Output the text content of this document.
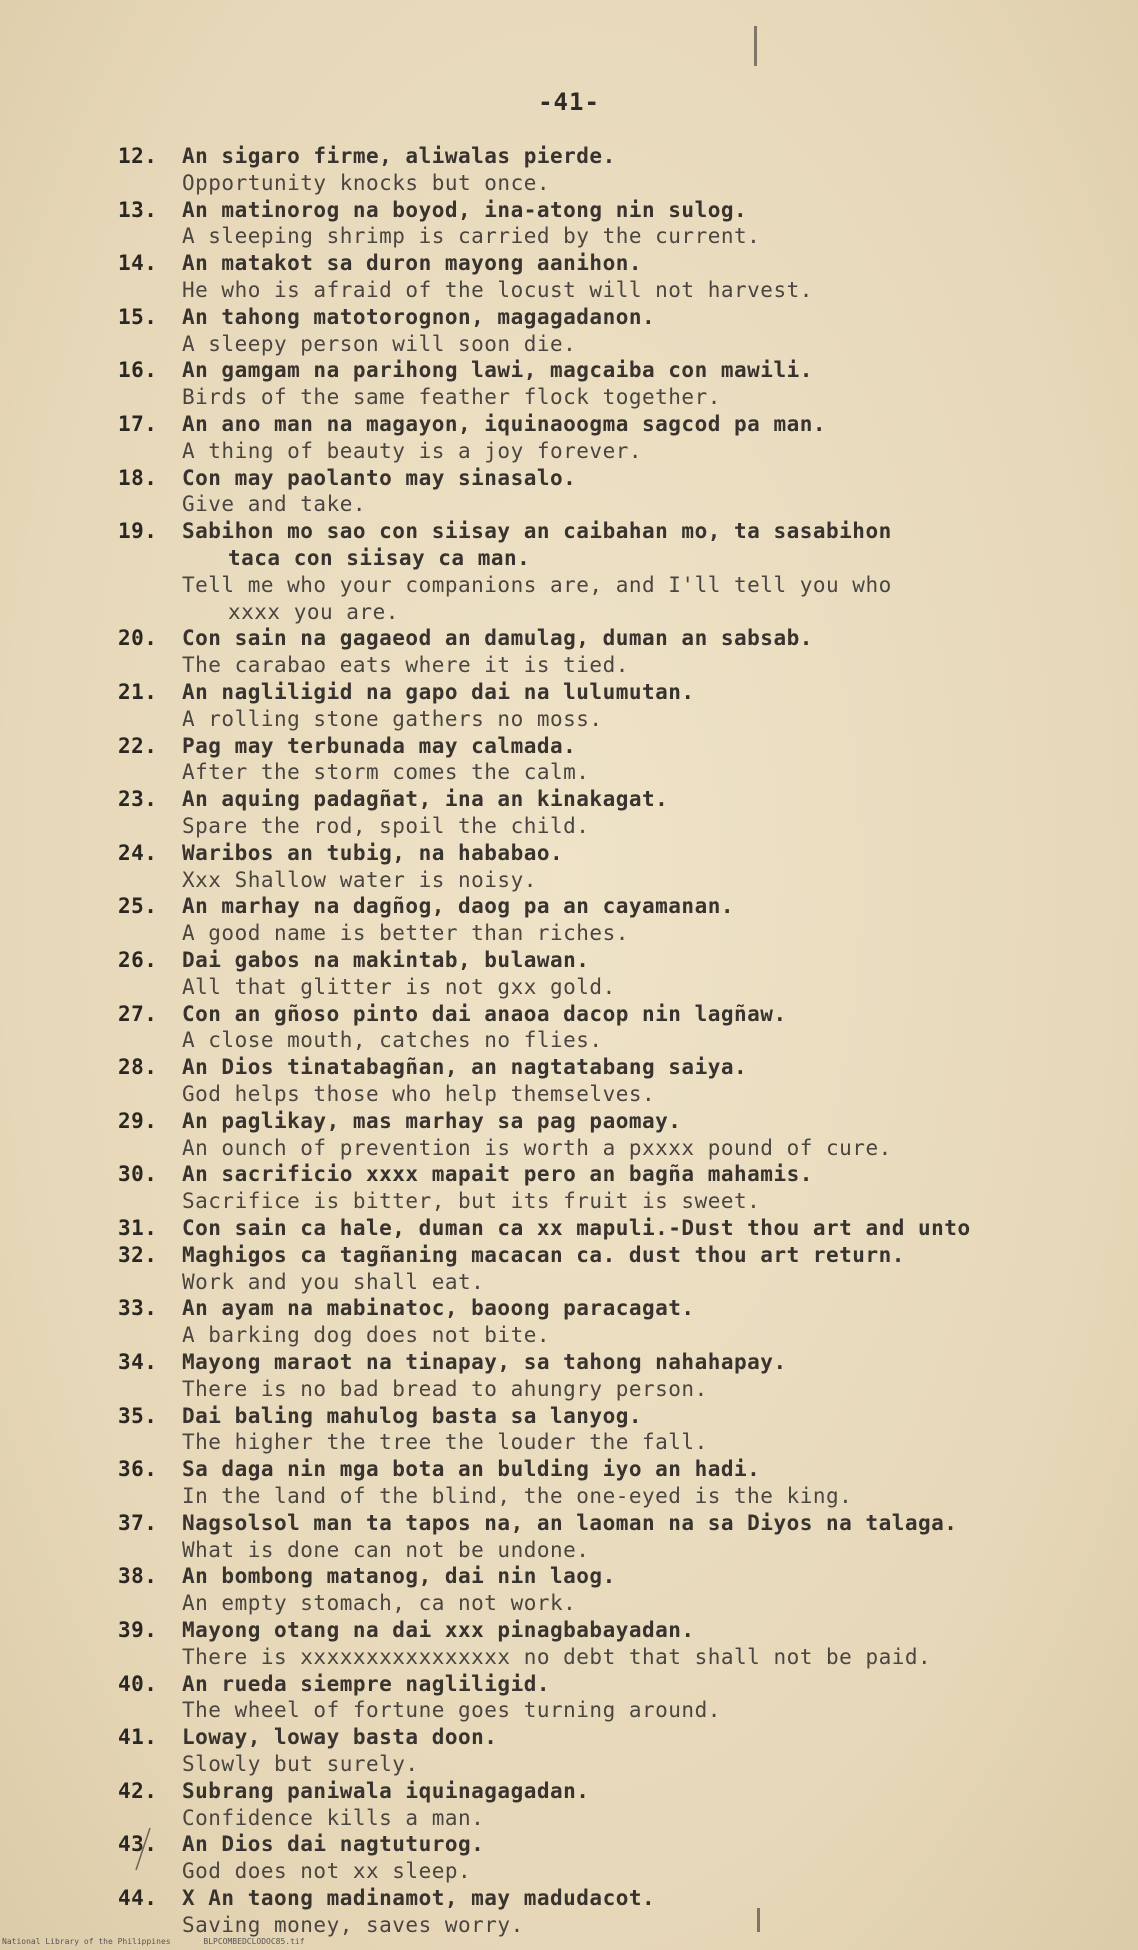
-41-
12. An sigaro firme, aliwalas pierde.
Opportunity knocks but once.
13. An matinorog na boyod, ina-atong nin sulog.
A sleeping shrimp is carried by the current.
14. An matakot sa duron mayong aanihon.
He who is afraid of the locust will not harvest.
15. An tahong matotorognon, magagadanon.
A sleepy person will soon die.
16. An gamgam na parihong lawi, magcaiba con mawili.
Birds of the same feather flock together.
17. An ano man na magayon, iquinaoogma sagcod pa man.
A thing of beauty is a joy forever.
18. Con may paolanto may sinasalo.
Give and take.
19. Sabihon mo sao con siisay an caibahan mo, ta sasabihon
taca con siisay ca man.
Tell me who your companions are, and I'll tell you who
xxxx you are.
20. Con sain na gagaeod an damulag, duman an sabsab.
The carabao eats where it is tied.
21. An nagliligid na gapo dai na lulumutan.
A rolling stone gathers no moss.
22. Pag may terbunada may calmada.
After the storm comes the calm.
23. An aquing padagñat, ina an kinakagat.
Spare the rod, spoil the child.
24. Waribos an tubig, na hababao.
Xxx Shallow water is noisy.
25. An marhay na dagñog, daog pa an cayamanan.
A good name is better than riches.
26. Dai gabos na makintab, bulawan.
All that glitter is not gxx gold.
27. Con an gñoso pinto dai anaoa dacop nin lagñaw.
A close mouth, catches no flies.
28. An Dios tinatabagñan, an nagtatabang saiya.
God helps those who help themselves.
29. An paglikay, mas marhay sa pag paomay.
An ounch of prevention is worth a pxxxx pound of cure.
30. An sacrificio xxxx mapait pero an bagña mahamis.
Sacrifice is bitter, but its fruit is sweet.
31. Con sain ca hale, duman ca xx mapuli.-Dust thou art and unto
32. Maghigos ca tagñaning macacan ca. dust thou art return.
Work and you shall eat.
33. An ayam na mabinatoc, baoong paracagat.
A barking dog does not bite.
34. Mayong maraot na tinapay, sa tahong nahahapay.
There is no bad bread to ahungry person.
35. Dai baling mahulog basta sa lanyog.
The higher the tree the louder the fall.
36. Sa daga nin mga bota an bulding iyo an hadi.
In the land of the blind, the one-eyed is the king.
37. Nagsolsol man ta tapos na, an laoman na sa Diyos na talaga.
What is done can not be undone.
38. An bombong matanog, dai nin laog.
An empty stomach, ca not work.
39. Mayong otang na dai xxx pinagbabayadan.
There is xxxxxxxxxxxxxxxx no debt that shall not be paid.
40. An rueda siempre nagliligid.
The wheel of fortune goes turning around.
41. Loway, loway basta doon.
Slowly but surely.
42. Subrang paniwala iquinagagadan.
Confidence kills a man.
43. An Dios dai nagtuturog.
God does not xx sleep.
44. X An taong madinamot, may madudacot.
Saving money, saves worry.
National Library of the Philippines	BLPCOMBEDCLODOC85.tif
